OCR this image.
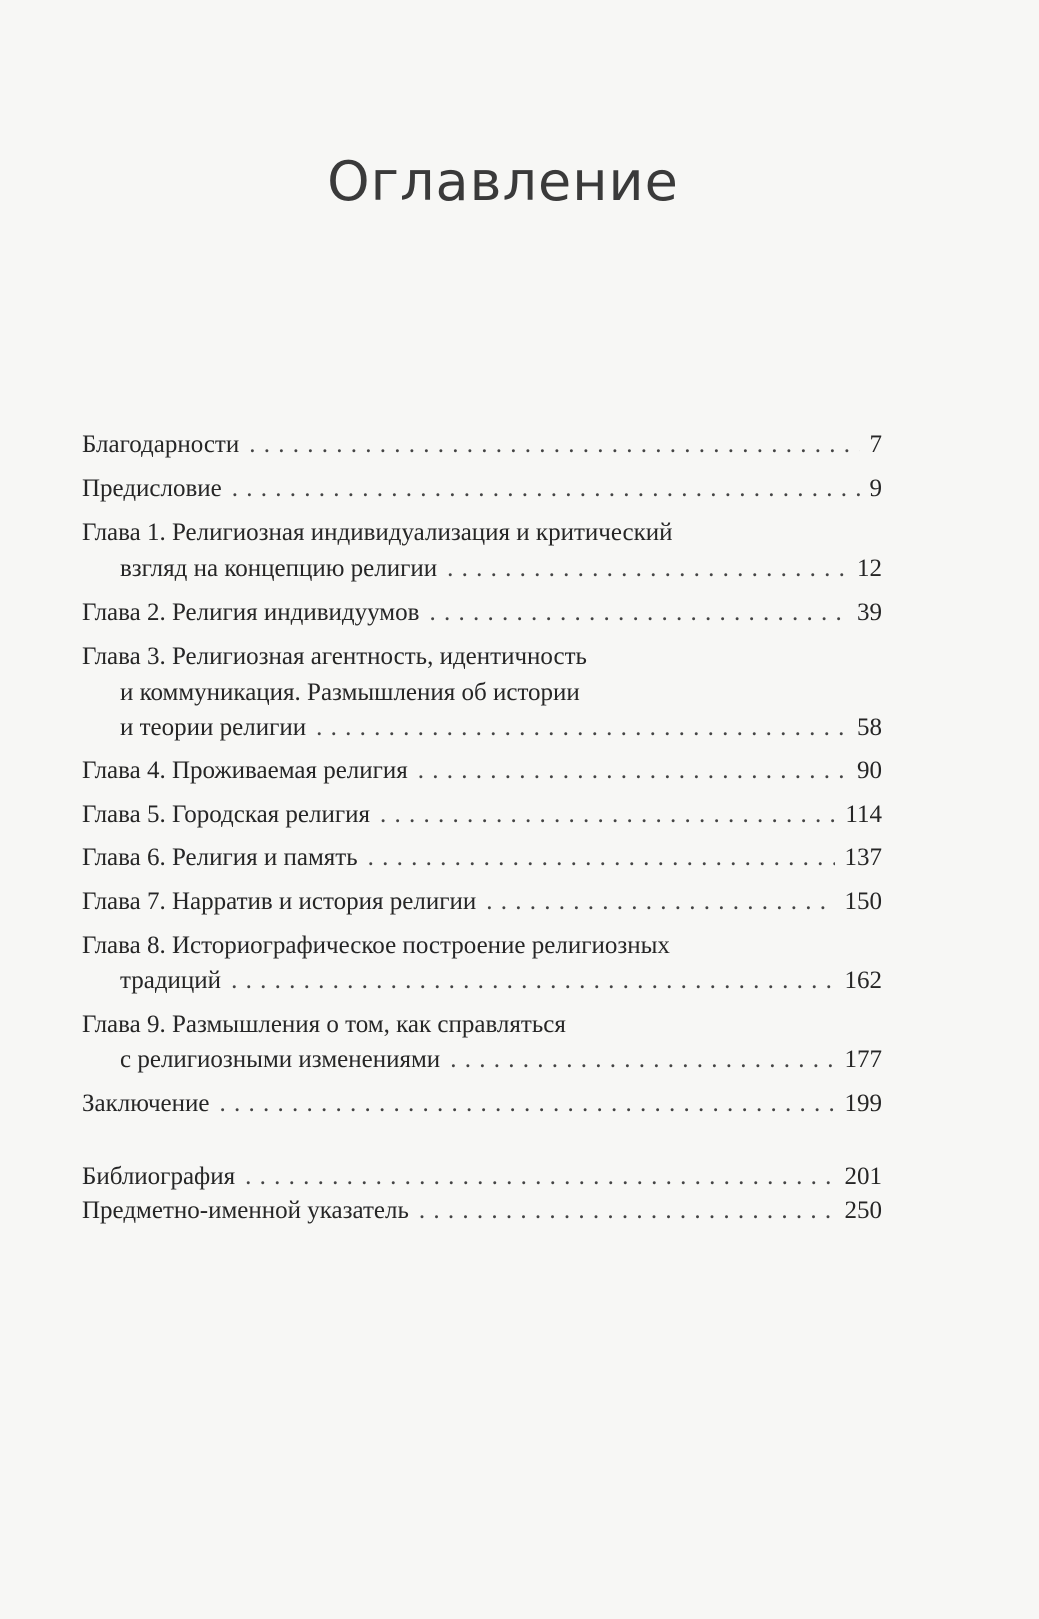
Оглавление
Благодарности . . .	7
Предисловие . . .	9
Глава 1. Религиозная индивидуализация и критический
взгляд на концепцию религии . . .	12
Глава 2. Религия индивидуумов . . .	39
Глава 3. Религиозная агентность, идентичность
и коммуникация. Размышления об истории
и теории религии . . .	58
Глава 4. Проживаемая религия . . .	90
Глава 5. Городская религия . . .	114
Глава 6. Религия и память . . .	137
Глава 7. Нарратив и история религии . . .	150
Глава 8. Историографическое построение религиозных
традиций . . .	162
Глава 9. Размышления о том, как справляться
с религиозными изменениями . . .	177
Заключение . . .	199
Библиография . . .	201
Предметно-именной указатель . . .	250
